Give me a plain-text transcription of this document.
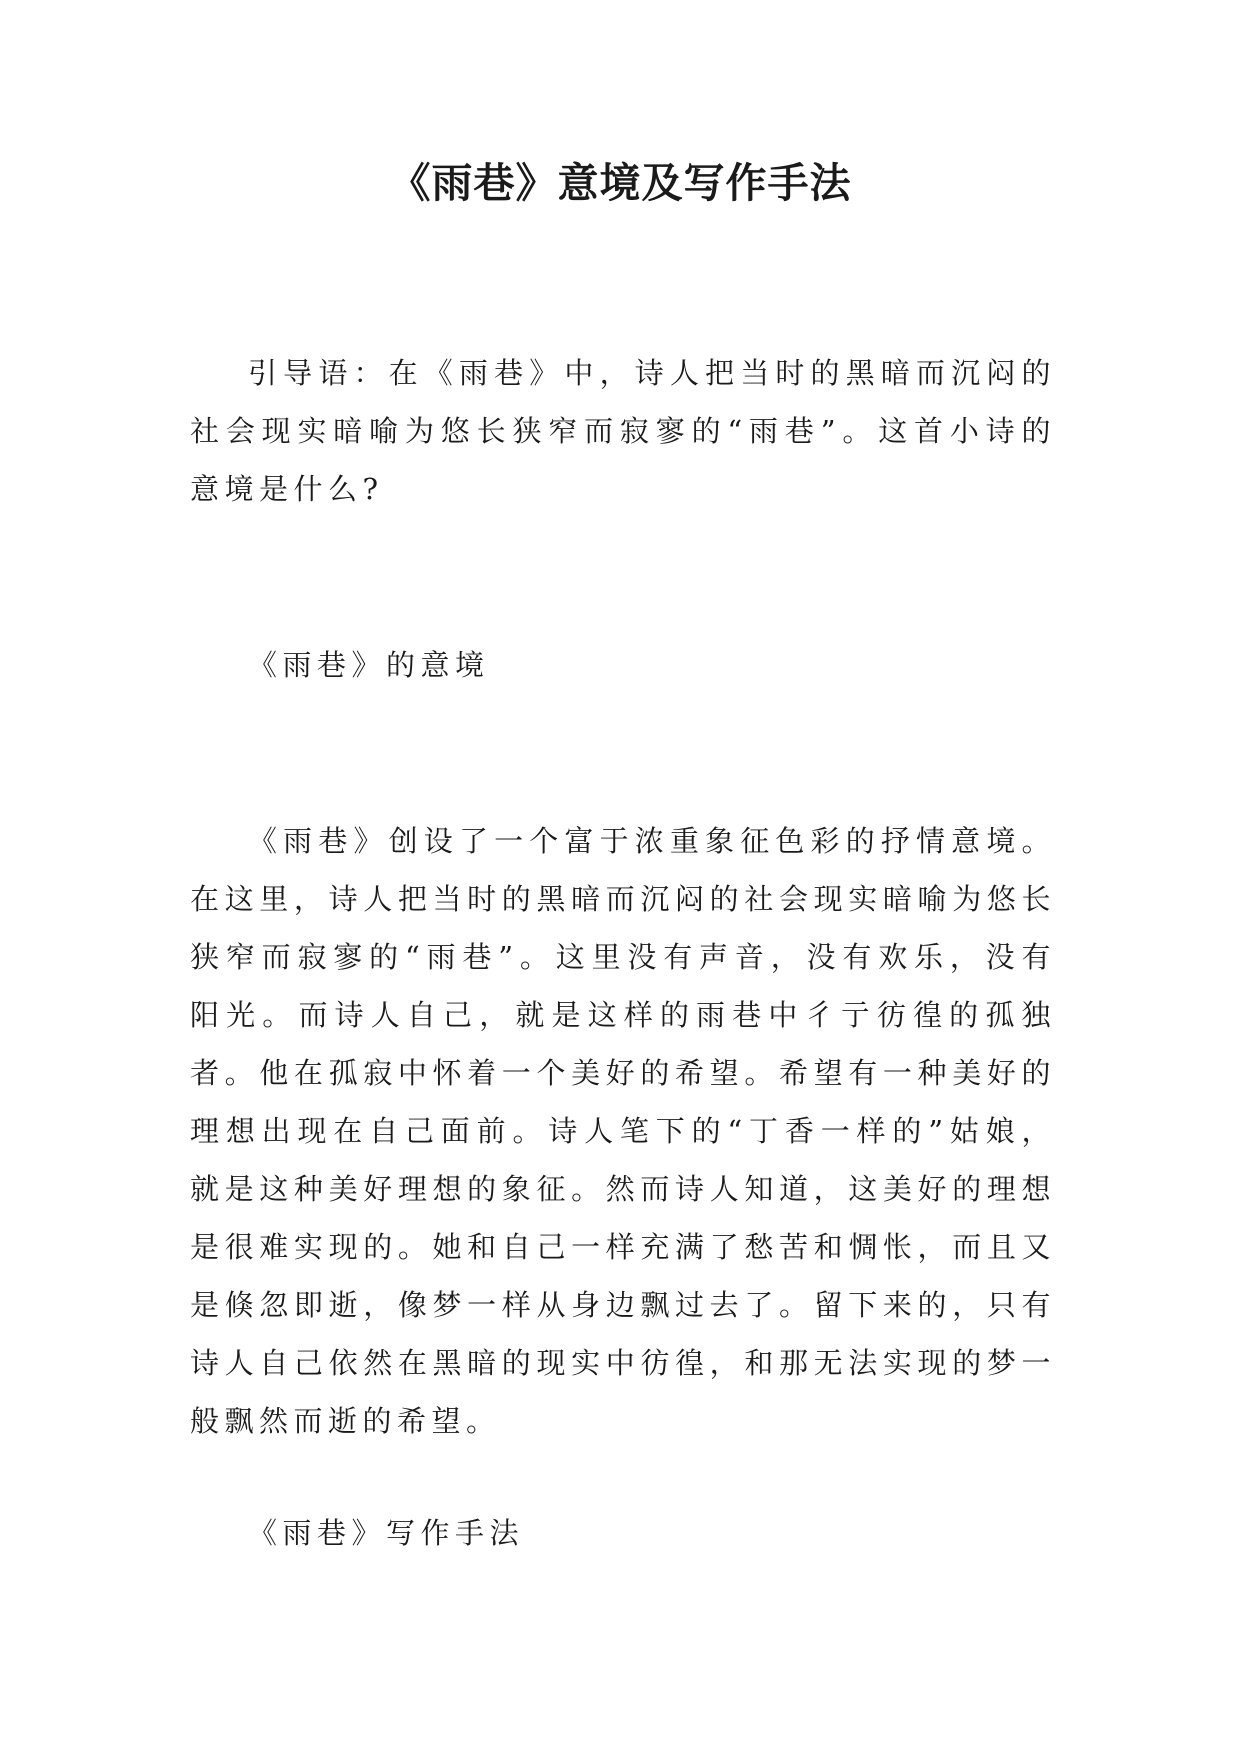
《雨巷》意境及写作手法

引导语：在《雨巷》中，诗人把当时的黑暗而沉闷的社会现实暗喻为悠长狭窄而寂寥的“雨巷”。这首小诗的意境是什么?

《雨巷》的意境

《雨巷》创设了一个富于浓重象征色彩的抒情意境。在这里，诗人把当时的黑暗而沉闷的社会现实暗喻为悠长狭窄而寂寥的“雨巷”。这里没有声音，没有欢乐，没有阳光。而诗人自己，就是这样的雨巷中彳亍彷徨的孤独者。他在孤寂中怀着一个美好的希望。希望有一种美好的理想出现在自己面前。诗人笔下的“丁香一样的”姑娘，就是这种美好理想的象征。然而诗人知道，这美好的理想是很难实现的。她和自己一样充满了愁苦和惆怅，而且又是倏忽即逝，像梦一样从身边飘过去了。留下来的，只有诗人自己依然在黑暗的现实中彷徨，和那无法实现的梦一般飘然而逝的希望。

《雨巷》写作手法
